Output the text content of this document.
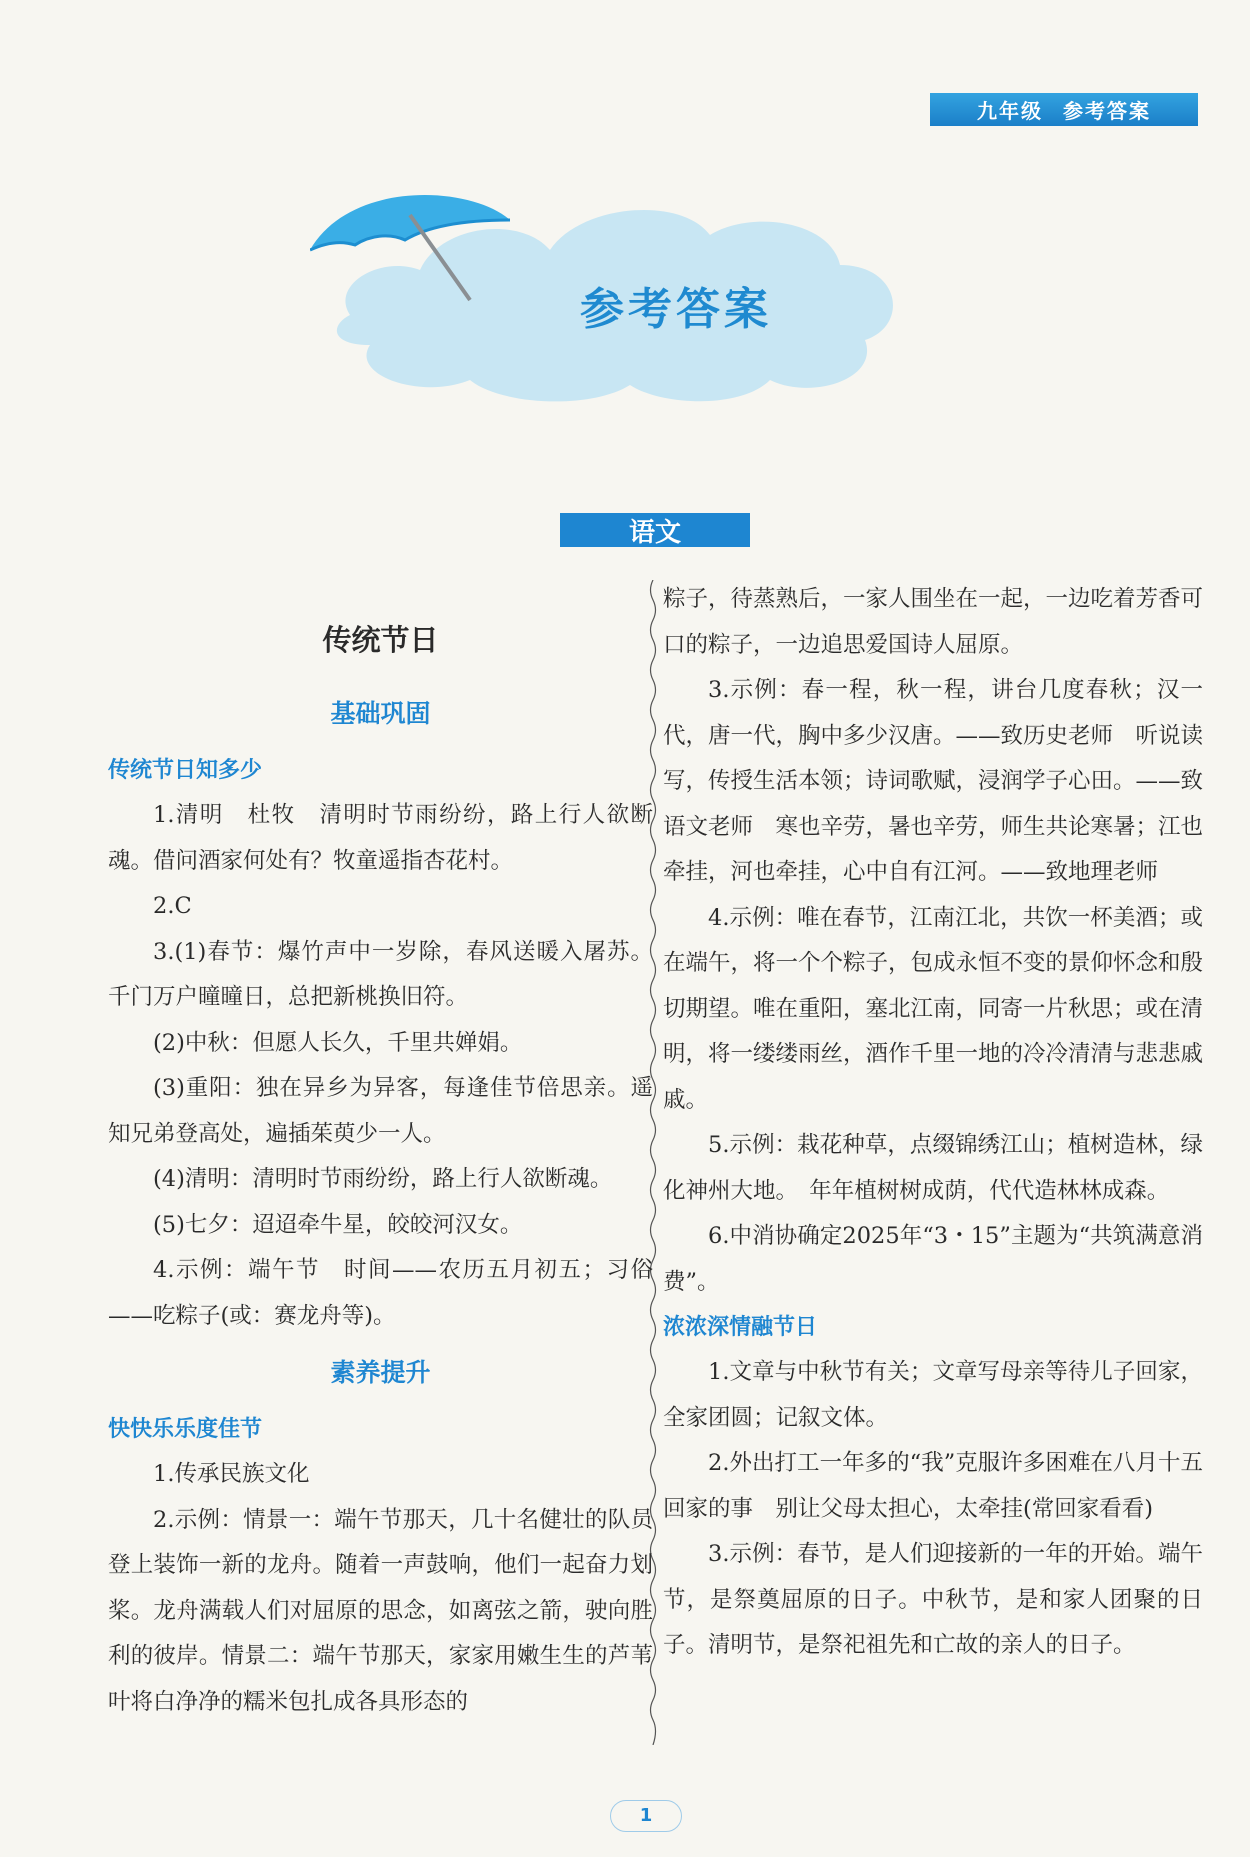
九年级 参考答案
参考答案
语文
传统节日
基础巩固
传统节日知多少

1.清明　杜牧　清明时节雨纷纷，路上行人欲断魂。借问酒家何处有？牧童遥指杏花村。

2.C

3.(1)春节：爆竹声中一岁除，春风送暖入屠苏。千门万户曈曈日，总把新桃换旧符。

(2)中秋：但愿人长久，千里共婵娟。

(3)重阳：独在异乡为异客，每逢佳节倍思亲。遥知兄弟登高处，遍插茱萸少一人。

(4)清明：清明时节雨纷纷，路上行人欲断魂。

(5)七夕：迢迢牵牛星，皎皎河汉女。

4.示例：端午节　时间——农历五月初五；习俗——吃粽子(或：赛龙舟等)。

素养提升
快快乐乐度佳节

1.传承民族文化

2.示例：情景一：端午节那天，几十名健壮的队员登上装饰一新的龙舟。随着一声鼓响，他们一起奋力划桨。龙舟满载人们对屈原的思念，如离弦之箭，驶向胜利的彼岸。情景二：端午节那天，家家用嫩生生的芦苇叶将白净净的糯米包扎成各具形态的

粽子，待蒸熟后，一家人围坐在一起，一边吃着芳香可口的粽子，一边追思爱国诗人屈原。

3.示例：春一程，秋一程，讲台几度春秋；汉一代，唐一代，胸中多少汉唐。——致历史老师　听说读写，传授生活本领；诗词歌赋，浸润学子心田。——致语文老师　寒也辛劳，暑也辛劳，师生共论寒暑；江也牵挂，河也牵挂，心中自有江河。——致地理老师

4.示例：唯在春节，江南江北，共饮一杯美酒；或在端午，将一个个粽子，包成永恒不变的景仰怀念和殷切期望。唯在重阳，塞北江南，同寄一片秋思；或在清明，将一缕缕雨丝，酒作千里一地的冷冷清清与悲悲戚戚。

5.示例：栽花种草，点缀锦绣江山；植树造林，绿化神州大地。　年年植树树成荫，代代造林林成森。

6.中消协确定2025年“3・15”主题为“共筑满意消费”。

浓浓深情融节日

1.文章与中秋节有关；文章写母亲等待儿子回家，全家团圆；记叙文体。

2.外出打工一年多的“我”克服许多困难在八月十五回家的事　别让父母太担心，太牵挂(常回家看看)

3.示例：春节，是人们迎接新的一年的开始。端午节，是祭奠屈原的日子。中秋节，是和家人团聚的日子。清明节，是祭祀祖先和亡故的亲人的日子。

1
